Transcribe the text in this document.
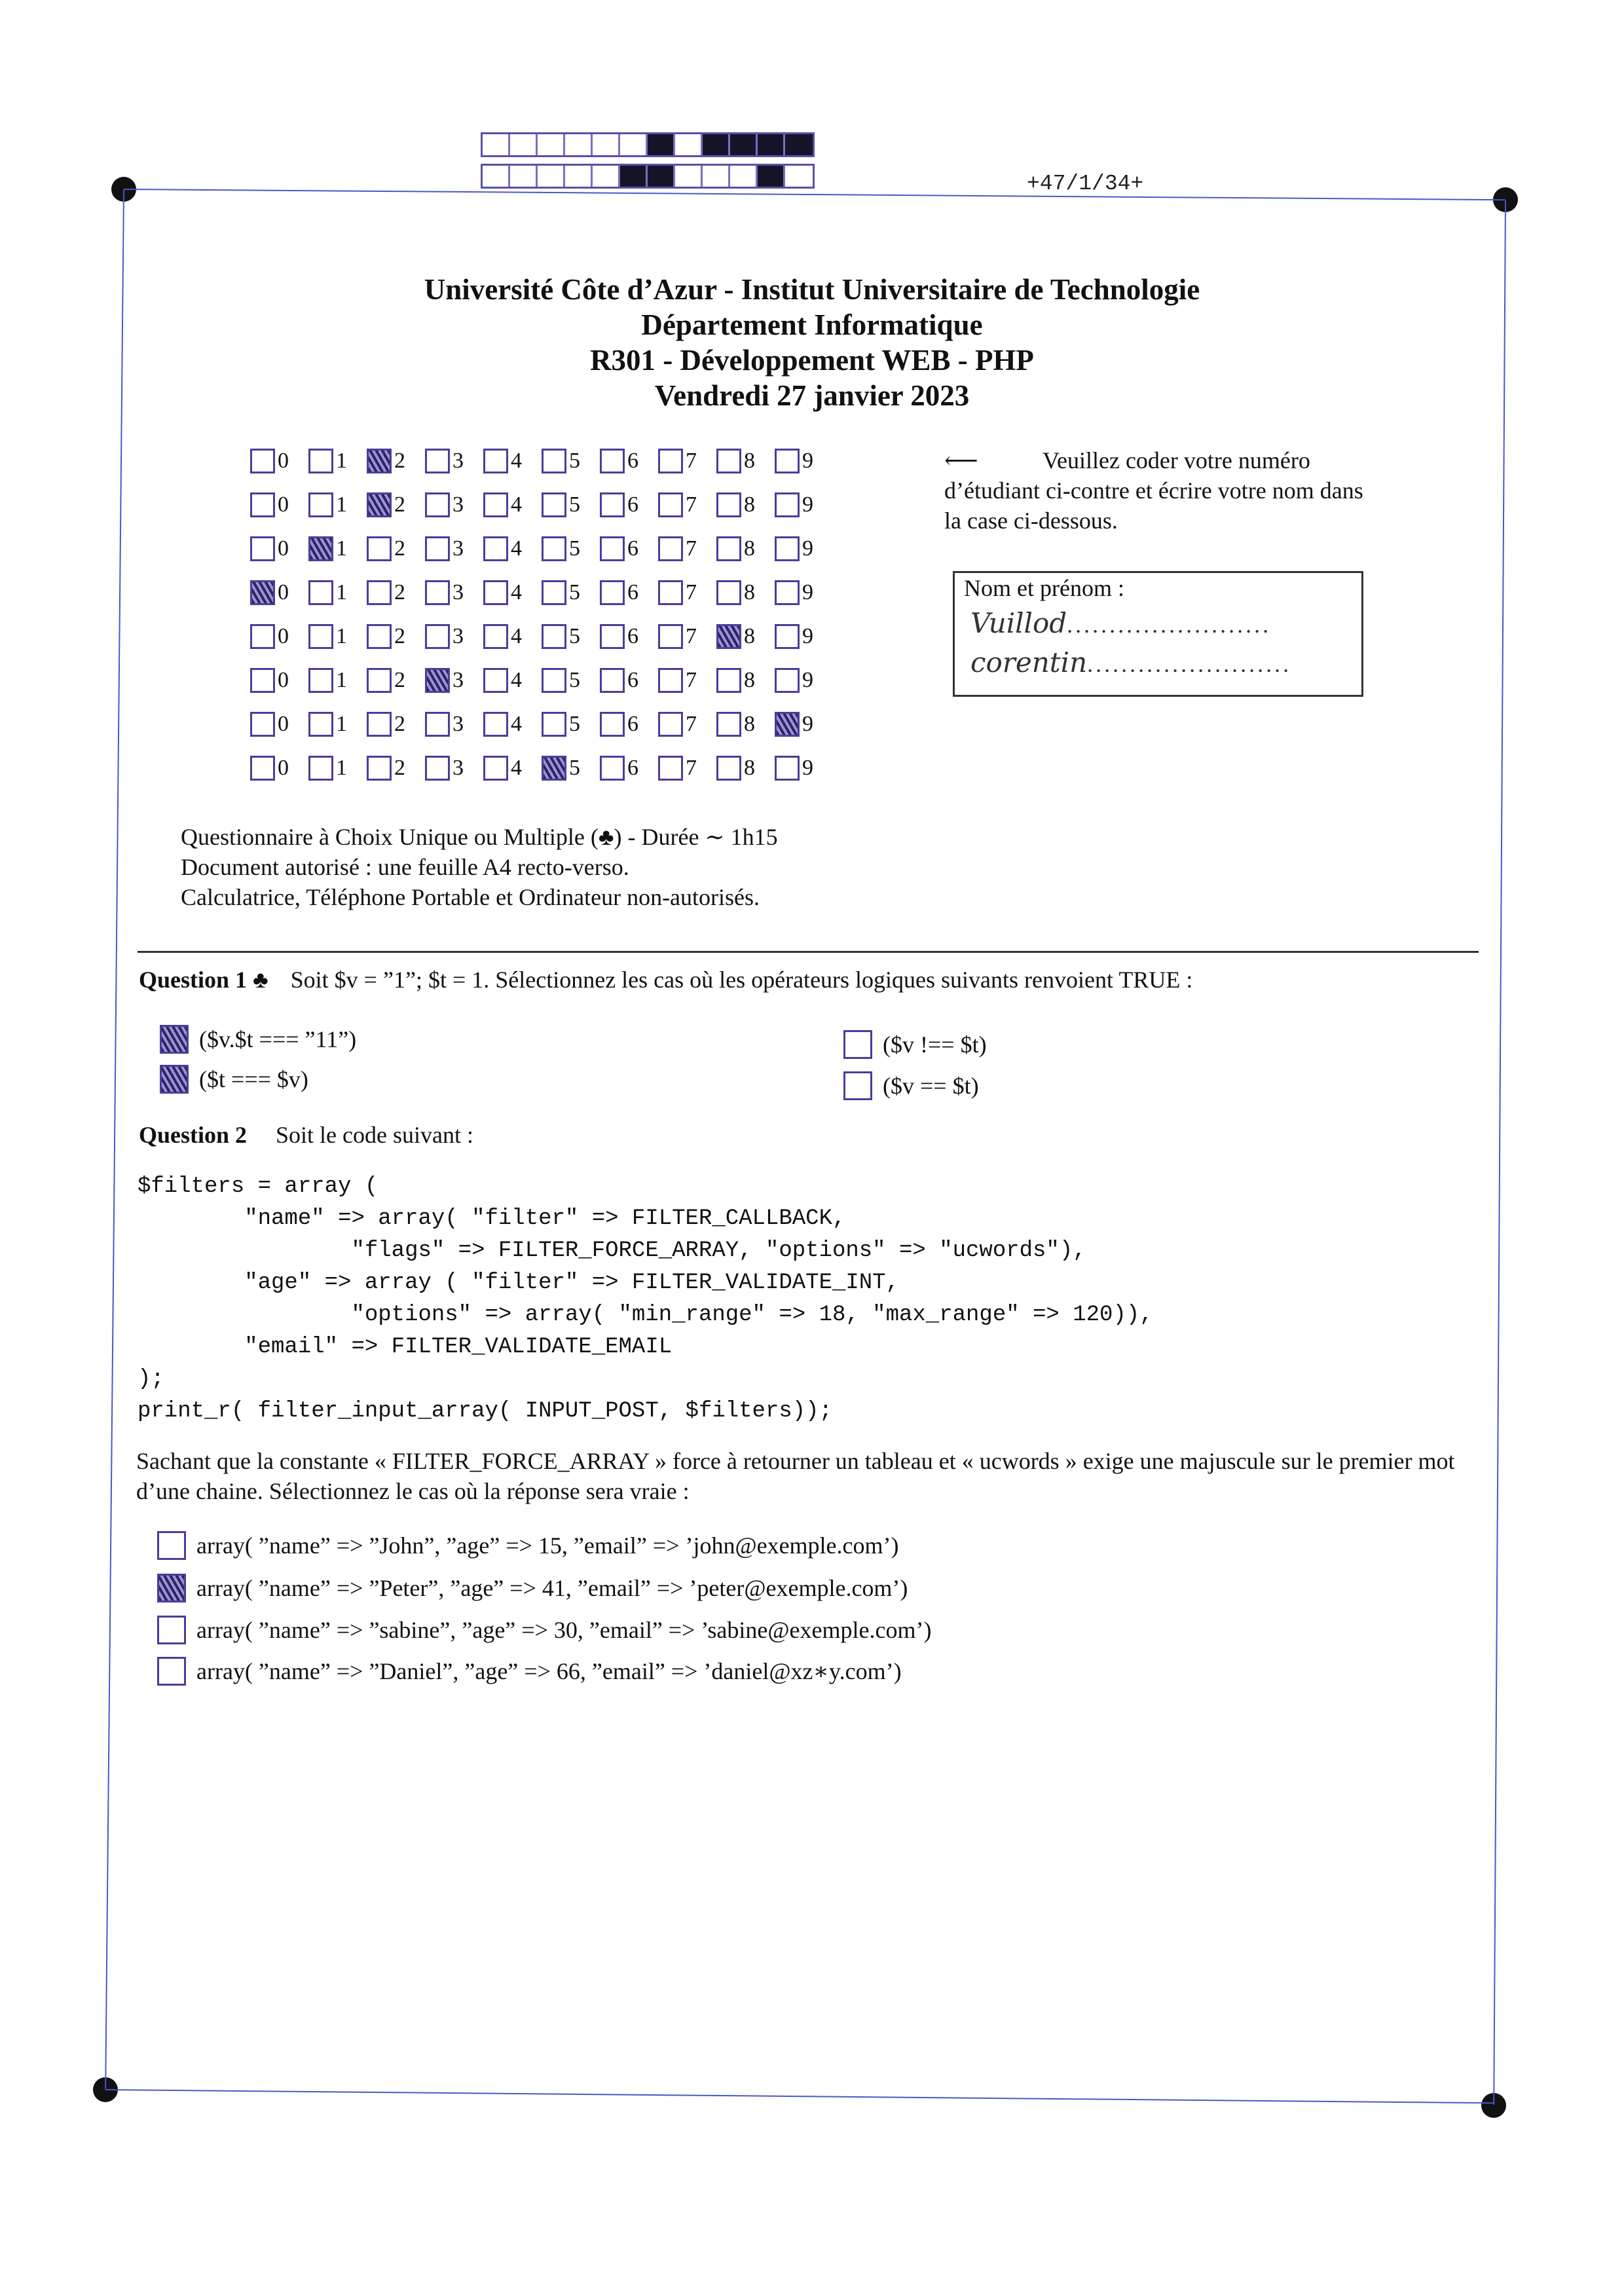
+47/1/34+
Université Côte d’Azur - Institut Universitaire de Technologie
Département Informatique
R301 - Développement WEB - PHP
Vendredi 27 janvier 2023
0 1 2 3 4 5 6 7 8 9
0 1 2 3 4 5 6 7 8 9
0 1 2 3 4 5 6 7 8 9
0 1 2 3 4 5 6 7 8 9
0 1 2 3 4 5 6 7 8 9
0 1 2 3 4 5 6 7 8 9
0 1 2 3 4 5 6 7 8 9
0 1 2 3 4 5 6 7 8 9
⟵	Veuillez coder votre numéro
d’étudiant ci-contre et écrire votre nom dans la case ci-dessous.
Nom et prénom :
Vuillod........................
corentin........................
Questionnaire à Choix Unique ou Multiple (♣) - Durée ∼ 1h15
Document autorisé : une feuille A4 recto-verso.
Calculatrice, Téléphone Portable et Ordinateur non-autorisés.
Question 1 ♣ Soit $v = ”1”; $t = 1. Sélectionnez les cas où les opérateurs logiques suivants renvoient TRUE :
($v.$t === ”11”)
($t === $v)
($v !== $t)
($v == $t)
Question 2 Soit le code suivant :
$filters = array (
"name" => array( "filter" => FILTER_CALLBACK,
"flags" => FILTER_FORCE_ARRAY, "options" => "ucwords"),
"age" => array ( "filter" => FILTER_VALIDATE_INT,
"options" => array( "min_range" => 18, "max_range" => 120)),
"email" => FILTER_VALIDATE_EMAIL
);
print_r( filter_input_array( INPUT_POST, $filters));
Sachant que la constante « FILTER_FORCE_ARRAY » force à retourner un tableau et « ucwords » exige une majuscule sur le premier mot d’une chaine. Sélectionnez le cas où la réponse sera vraie :
array( ”name” => ”John”, ”age” => 15, ”email” => ’john@exemple.com’)
array( ”name” => ”Peter”, ”age” => 41, ”email” => ’peter@exemple.com’)
array( ”name” => ”sabine”, ”age” => 30, ”email” => ’sabine@exemple.com’)
array( ”name” => ”Daniel”, ”age” => 66, ”email” => ’daniel@xz∗y.com’)
